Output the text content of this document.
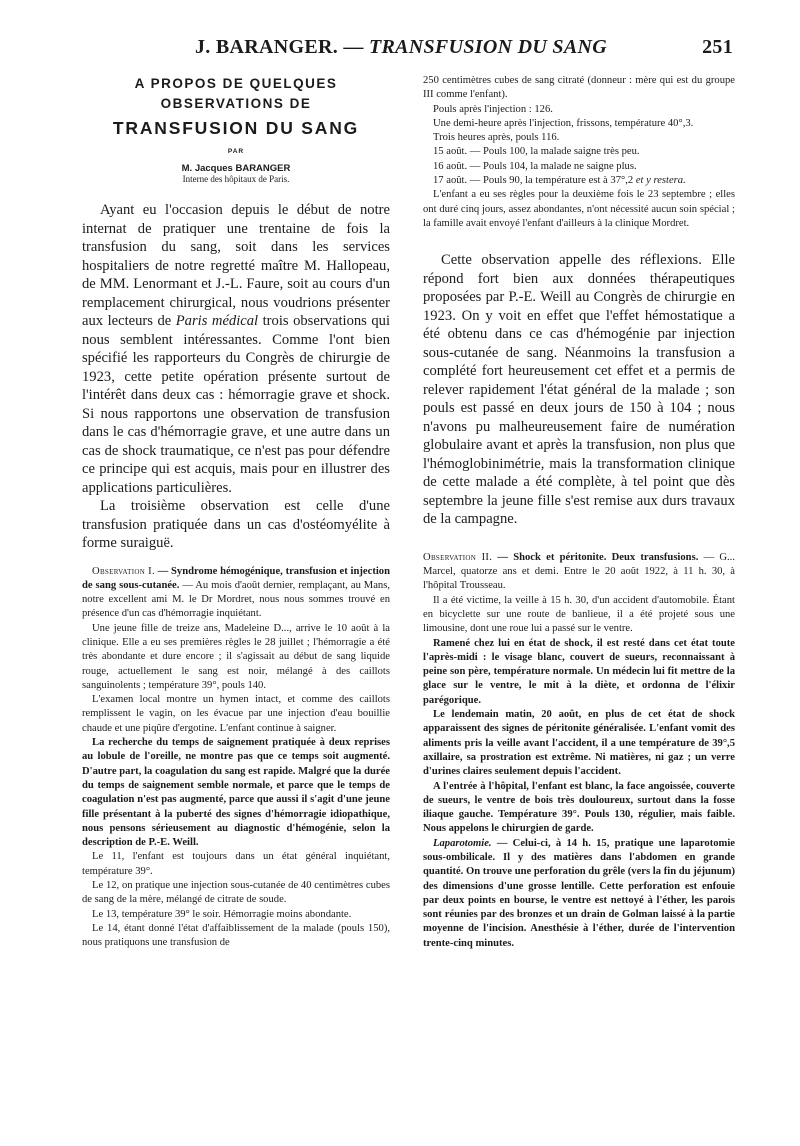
J. BARANGER. — TRANSFUSION DU SANG	251
A PROPOS DE QUELQUES
OBSERVATIONS DE
TRANSFUSION DU SANG
PAR
M. Jacques BARANGER
Interne des hôpitaux de Paris.

Ayant eu l'occasion depuis le début de notre internat de pratiquer une trentaine de fois la transfusion du sang, soit dans les services hospitaliers de notre regretté maître M. Hallopeau, de MM. Lenormant et J.-L. Faure, soit au cours d'un remplacement chirurgical, nous voudrions présenter aux lecteurs de Paris médical trois observations qui nous semblent intéressantes. Comme l'ont bien spécifié les rapporteurs du Congrès de chirurgie de 1923, cette petite opération présente surtout de l'intérêt dans deux cas : hémorragie grave et shock. Si nous rapportons une observation de transfusion dans le cas d'hémorragie grave, et une autre dans un cas de shock traumatique, ce n'est pas pour défendre ce principe qui est acquis, mais pour en illustrer des applications particulières.

La troisième observation est celle d'une transfusion pratiquée dans un cas d'ostéomyélite à forme suraiguë.

Observation I. — Syndrome hémogénique, transfusion et injection de sang sous-cutanée. — Au mois d'août dernier, remplaçant, au Mans, notre excellent ami M. le Dr Mordret, nous nous sommes trouvé en présence d'un cas d'hémorragie inquiétant.

Une jeune fille de treize ans, Madeleine D..., arrive le 10 août à la clinique. Elle a eu ses premières règles le 28 juillet ; l'hémorragie a été très abondante et dure encore ; il s'agissait au début de sang liquide rouge, actuellement le sang est noir, mélangé à des caillots sanguinolents ; température 39°, pouls 140.

L'examen local montre un hymen intact, et comme des caillots remplissent le vagin, on les évacue par une injection d'eau bouillie chaude et une piqûre d'ergotine. L'enfant continue à saigner.

La recherche du temps de saignement pratiquée à deux reprises au lobule de l'oreille, ne montre pas que ce temps soit augmenté. D'autre part, la coagulation du sang est rapide. Malgré que la durée du temps de saignement semble normale, et parce que le temps de coagulation n'est pas augmenté, parce que aussi il s'agit d'une jeune fille présentant à la puberté des signes d'hémorragie idiopathique, nous pensons sérieusement au diagnostic d'hémogénie, selon la description de P.-E. Weill.

Le 11, l'enfant est toujours dans un état général inquiétant, température 39°.

Le 12, on pratique une injection sous-cutanée de 40 centimètres cubes de sang de la mère, mélangé de citrate de soude.

Le 13, température 39° le soir. Hémorragie moins abondante.

Le 14, étant donné l'état d'affaiblissement de la malade (pouls 150), nous pratiquons une transfusion de

250 centimètres cubes de sang citraté (donneur : mère qui est du groupe III comme l'enfant).

Pouls après l'injection : 126.

Une demi-heure après l'injection, frissons, température 40°,3.

Trois heures après, pouls 116.

15 août. — Pouls 100, la malade saigne très peu.

16 août. — Pouls 104, la malade ne saigne plus.

17 août. — Pouls 90, la température est à 37°,2 et y restera.

L'enfant a eu ses règles pour la deuxième fois le 23 septembre ; elles ont duré cinq jours, assez abondantes, n'ont nécessité aucun soin spécial ; la famille avait envoyé l'enfant d'ailleurs à la clinique Mordret.

Cette observation appelle des réflexions. Elle répond fort bien aux données thérapeutiques proposées par P.-E. Weill au Congrès de chirurgie en 1923. On y voit en effet que l'effet hémostatique a été obtenu dans ce cas d'hémogénie par injection sous-cutanée de sang. Néanmoins la transfusion a complété fort heureusement cet effet et a permis de relever rapidement l'état général de la malade ; son pouls est passé en deux jours de 150 à 104 ; nous n'avons pu malheureusement faire de numération globulaire avant et après la transfusion, non plus que l'hémoglobinimétrie, mais la transformation clinique de cette malade a été complète, à tel point que dès septembre la jeune fille s'est remise aux durs travaux de la campagne.

Observation II. — Shock et péritonite. Deux transfusions. — G... Marcel, quatorze ans et demi. Entre le 20 août 1922, à 11 h. 30, à l'hôpital Trousseau.

Il a été victime, la veille à 15 h. 30, d'un accident d'automobile. Étant en bicyclette sur une route de banlieue, il a été projeté sous une limousine, dont une roue lui a passé sur le ventre.

Ramené chez lui en état de shock, il est resté dans cet état toute l'après-midi : le visage blanc, couvert de sueurs, reconnaissant à peine son père, température normale. Un médecin lui fit mettre de la glace sur le ventre, le mit à la diète, et ordonna de l'élixir parégorique.

Le lendemain matin, 20 août, en plus de cet état de shock apparaissent des signes de péritonite généralisée. L'enfant vomit des aliments pris la veille avant l'accident, il a une température de 39°,5 axillaire, sa prostration est extrême. Ni matières, ni gaz ; un verre d'urines claires seulement depuis l'accident.

A l'entrée à l'hôpital, l'enfant est blanc, la face angoissée, couverte de sueurs, le ventre de bois très douloureux, surtout dans la fosse iliaque gauche. Température 39°. Pouls 130, régulier, mais faible. Nous appelons le chirurgien de garde.

Laparotomie. — Celui-ci, à 14 h. 15, pratique une laparotomie sous-ombilicale. Il y des matières dans l'abdomen en grande quantité. On trouve une perforation du grêle (vers la fin du jéjunum) des dimensions d'une grosse lentille. Cette perforation est enfouie par deux points en bourse, le ventre est nettoyé à l'éther, les parois sont réunies par des bronzes et un drain de Golman laissé à la partie moyenne de l'incision. Anesthésie à l'éther, durée de l'intervention trente-cinq minutes.
